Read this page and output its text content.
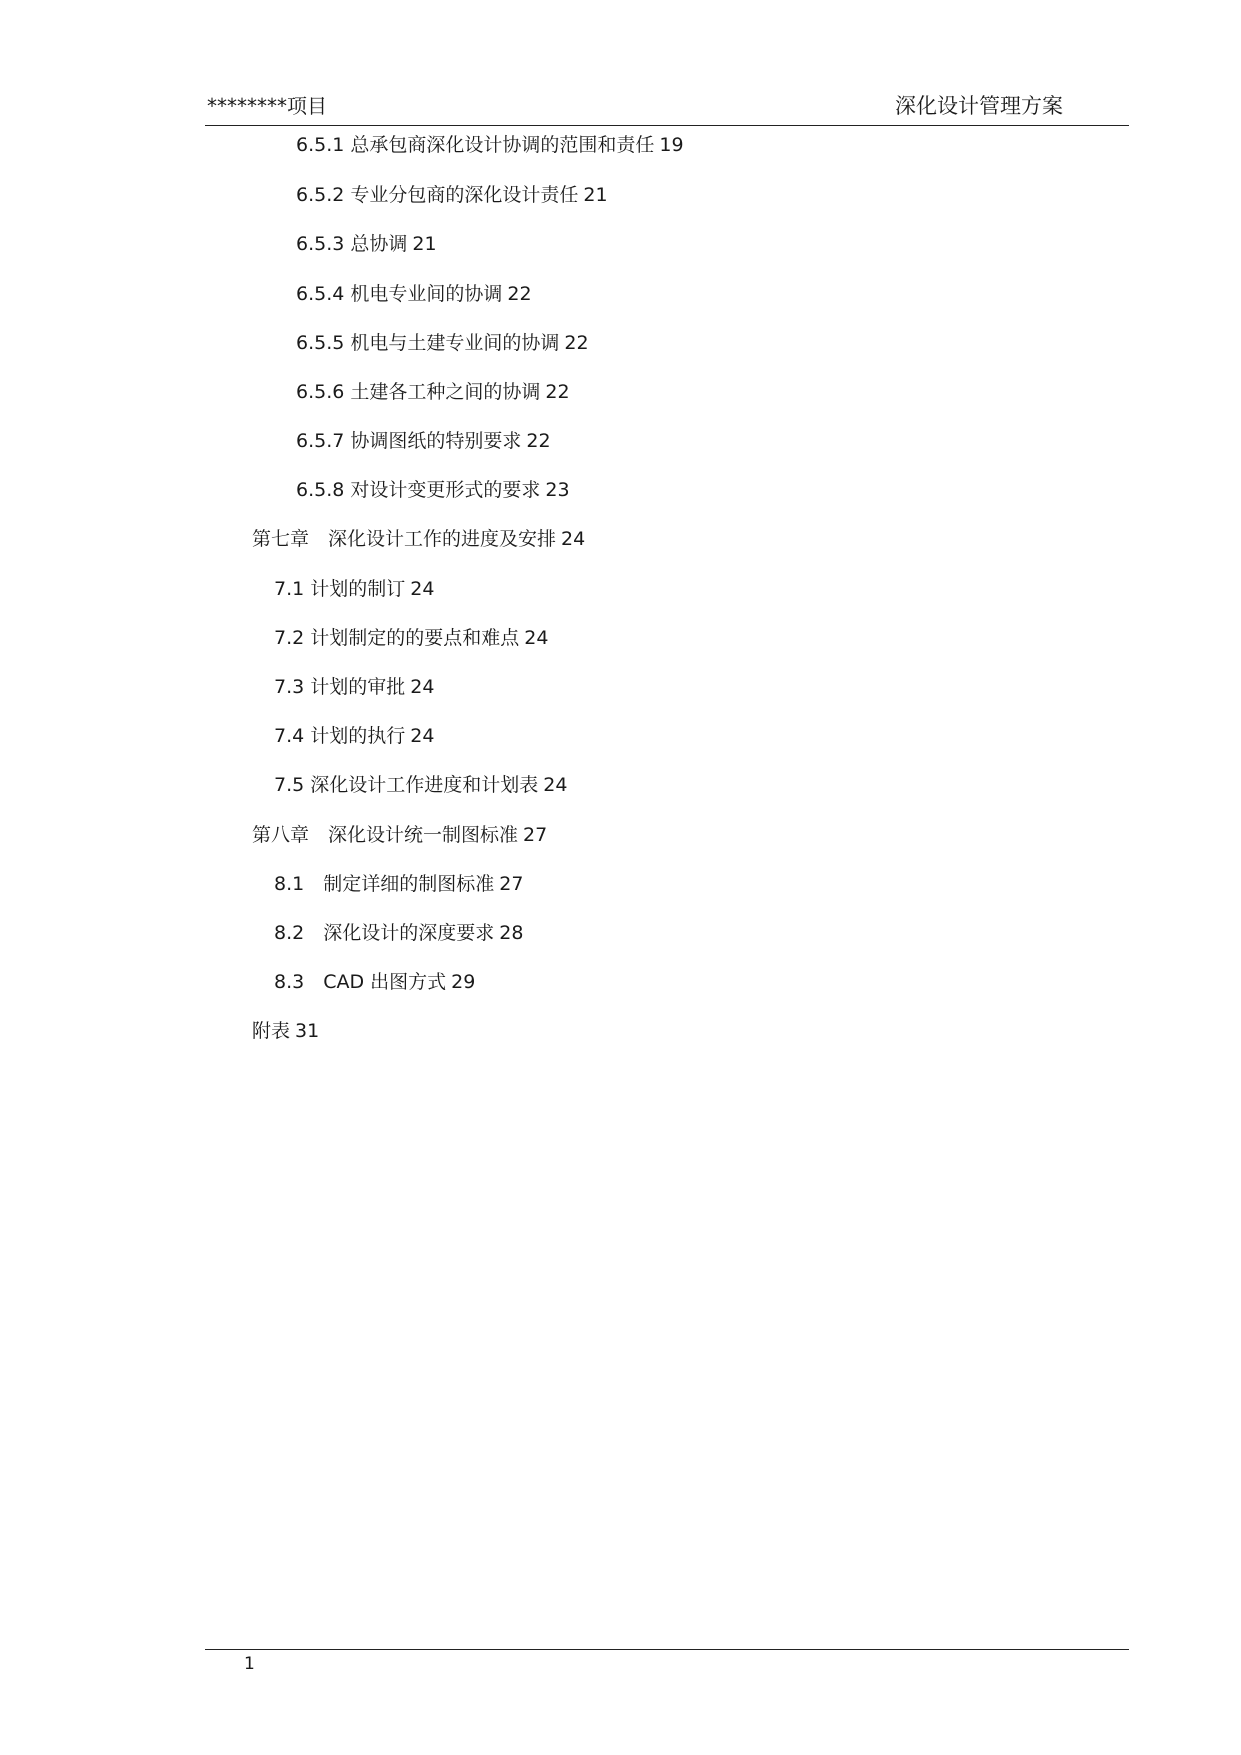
********项目	深化设计管理方案
6.5.1 总承包商深化设计协调的范围和责任 19
6.5.2 专业分包商的深化设计责任 21
6.5.3 总协调 21
6.5.4 机电专业间的协调 22
6.5.5 机电与土建专业间的协调 22
6.5.6 土建各工种之间的协调 22
6.5.7 协调图纸的特别要求 22
6.5.8 对设计变更形式的要求 23
第七章　 深化设计工作的进度及安排 24
7.1 计划的制订 24
7.2 计划制定的的要点和难点 24
7.3 计划的审批 24
7.4 计划的执行 24
7.5 深化设计工作进度和计划表 24
第八章　 深化设计统一制图标准 27
8.1　 制定详细的制图标准 27
8.2　 深化设计的深度要求 28
8.3　 CAD 出图方式 29
附表 31
1
